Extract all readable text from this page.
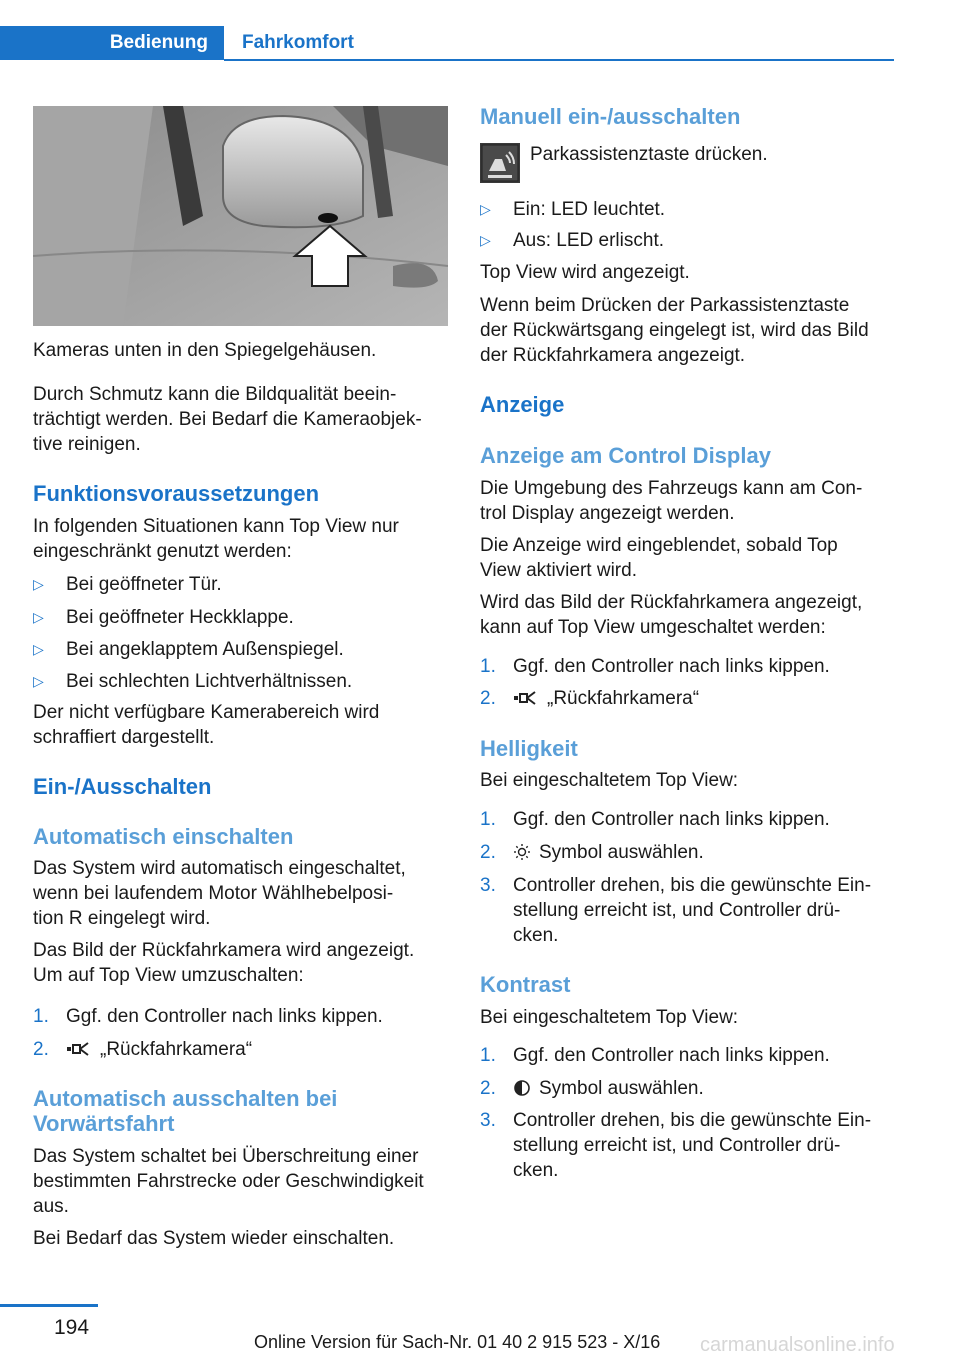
Bedienung	Fahrkomfort

Kameras unten in den Spiegelgehäusen.

Durch Schmutz kann die Bildqualität beein-

trächtigt werden. Bei Bedarf die Kameraobjek-

tive reinigen.

Funktionsvoraussetzungen

In folgenden Situationen kann Top View nur

eingeschränkt genutzt werden:

▷ Bei geöffneter Tür.
▷ Bei geöffneter Heckklappe.
▷ Bei angeklapptem Außenspiegel.
▷ Bei schlechten Lichtverhältnissen.

Der nicht verfügbare Kamerabereich wird

schraffiert dargestellt.

Ein-/Ausschalten
Automatisch einschalten

Das System wird automatisch eingeschaltet,

wenn bei laufendem Motor Wählhebelposi-

tion R eingelegt wird.

Das Bild der Rückfahrkamera wird angezeigt.

Um auf Top View umzuschalten:

1. Ggf. den Controller nach links kippen.
2.	„Rückfahrkamera“
Automatisch ausschalten bei
Vorwärtsfahrt

Das System schaltet bei Überschreitung einer

bestimmten Fahrstrecke oder Geschwindigkeit

aus.

Bei Bedarf das System wieder einschalten.

Manuell ein-/ausschalten

Parkassistenztaste drücken.

▷ Ein: LED leuchtet.
▷ Aus: LED erlischt.

Top View wird angezeigt.

Wenn beim Drücken der Parkassistenztaste

der Rückwärtsgang eingelegt ist, wird das Bild

der Rückfahrkamera angezeigt.

Anzeige
Anzeige am Control Display

Die Umgebung des Fahrzeugs kann am Con-

trol Display angezeigt werden.

Die Anzeige wird eingeblendet, sobald Top

View aktiviert wird.

Wird das Bild der Rückfahrkamera angezeigt,

kann auf Top View umgeschaltet werden:

1. Ggf. den Controller nach links kippen.
2.	„Rückfahrkamera“
Helligkeit

Bei eingeschaltetem Top View:

1. Ggf. den Controller nach links kippen.
2.	Symbol auswählen.
3. Controller drehen, bis die gewünschte Ein-

stellung erreicht ist, und Controller drü-

cken.

Kontrast

Bei eingeschaltetem Top View:

1. Ggf. den Controller nach links kippen.
2.	Symbol auswählen.
3. Controller drehen, bis die gewünschte Ein-

stellung erreicht ist, und Controller drü-

cken.

194
Online Version für Sach-Nr. 01 40 2 915 523 - X/16 carmanualsonline.info
